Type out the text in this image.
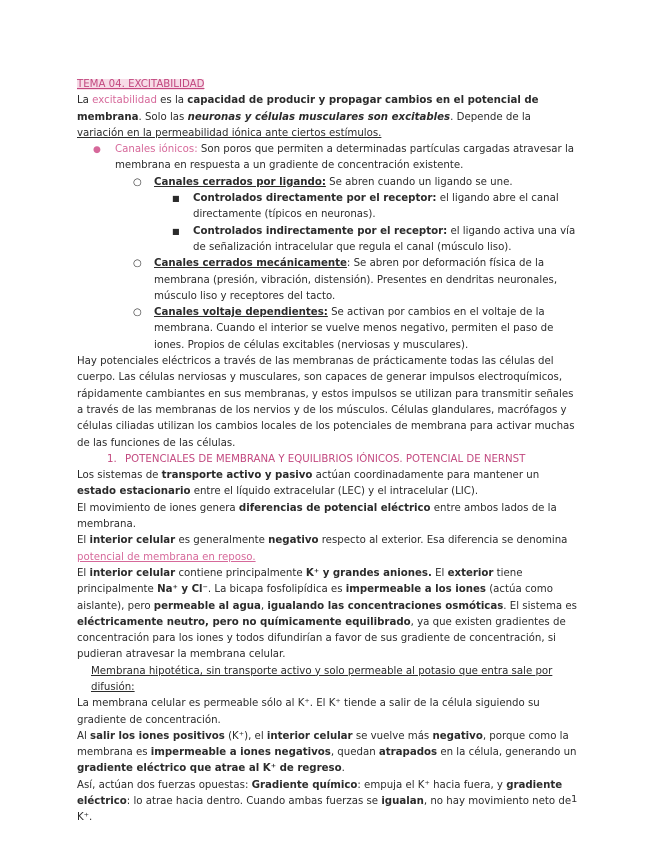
TEMA 04. EXCITABILIDAD

La excitabilidad es la capacidad de producir y propagar cambios en el potencial de membrana. Solo las neuronas y células musculares son excitables. Depende de la variación en la permeabilidad iónica ante ciertos estímulos.

● Canales iónicos: Son poros que permiten a determinadas partículas cargadas atravesar la membrana en respuesta a un gradiente de concentración existente.
○ Canales cerrados por ligando: Se abren cuando un ligando se une.
■ Controlados directamente por el receptor: el ligando abre el canal directamente (típicos en neuronas).
■ Controlados indirectamente por el receptor: el ligando activa una vía de señalización intracelular que regula el canal (músculo liso).
○ Canales cerrados mecánicamente: Se abren por deformación física de la membrana (presión, vibración, distensión). Presentes en dendritas neuronales, músculo liso y receptores del tacto.
○ Canales voltaje dependientes: Se activan por cambios en el voltaje de la membrana. Cuando el interior se vuelve menos negativo, permiten el paso de iones. Propios de células excitables (nerviosas y musculares).

Hay potenciales eléctricos a través de las membranas de prácticamente todas las células del cuerpo. Las células nerviosas y musculares, son capaces de generar impulsos electroquímicos, rápidamente cambiantes en sus membranas, y estos impulsos se utilizan para transmitir señales a través de las membranas de los nervios y de los músculos. Células glandulares, macrófagos y células ciliadas utilizan los cambios locales de los potenciales de membrana para activar muchas de las funciones de las células.

1. POTENCIALES DE MEMBRANA Y EQUILIBRIOS IÓNICOS. POTENCIAL DE NERNST

Los sistemas de transporte activo y pasivo actúan coordinadamente para mantener un estado estacionario entre el líquido extracelular (LEC) y el intracelular (LIC).

El movimiento de iones genera diferencias de potencial eléctrico entre ambos lados de la membrana.

El interior celular es generalmente negativo respecto al exterior. Esa diferencia se denomina potencial de membrana en reposo.

El interior celular contiene principalmente K⁺ y grandes aniones. El exterior tiene principalmente Na⁺ y Cl⁻. La bicapa fosfolipídica es impermeable a los iones (actúa como aislante), pero permeable al agua, igualando las concentraciones osmóticas. El sistema es eléctricamente neutro, pero no químicamente equilibrado, ya que existen gradientes de concentración para los iones y todos difundirían a favor de sus gradiente de concentración, si pudieran atravesar la membrana celular.

Membrana hipotética, sin transporte activo y solo permeable al potasio que entra sale por difusión:

La membrana celular es permeable sólo al K⁺. El K⁺ tiende a salir de la célula siguiendo su gradiente de concentración.

Al salir los iones positivos (K⁺), el interior celular se vuelve más negativo, porque como la membrana es impermeable a iones negativos, quedan atrapados en la célula, generando un gradiente eléctrico que atrae al K⁺ de regreso.

Así, actúan dos fuerzas opuestas: Gradiente químico: empuja el K⁺ hacia fuera, y gradiente eléctrico: lo atrae hacia dentro. Cuando ambas fuerzas se igualan, no hay movimiento neto de K⁺.

1
